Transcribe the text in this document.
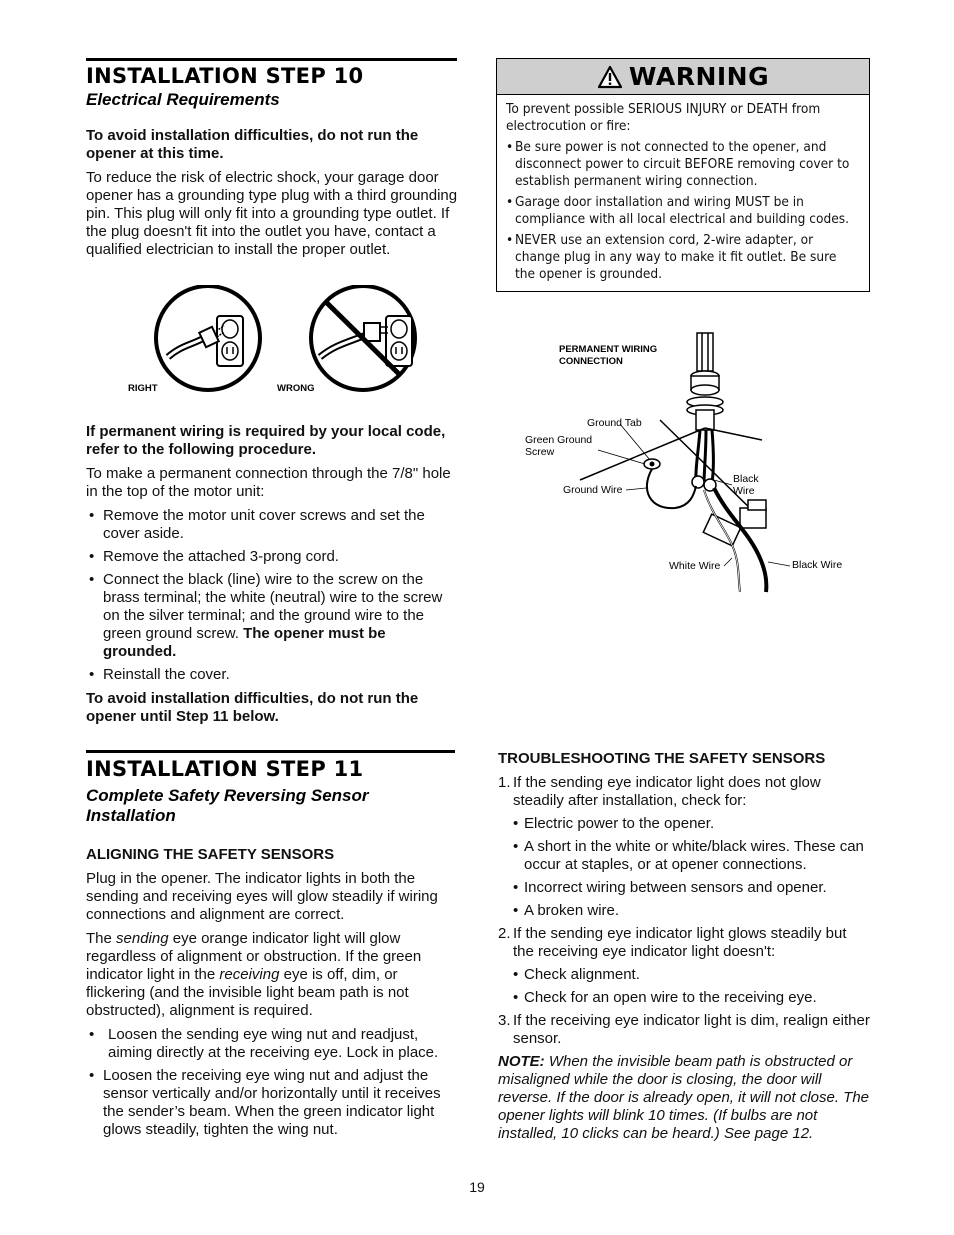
INSTALLATION STEP 10
Electrical Requirements

To avoid installation difficulties, do not run the opener at this time.

To reduce the risk of electric shock, your garage door opener has a grounding type plug with a third grounding pin. This plug will only fit into a grounding type outlet. If the plug doesn't fit into the outlet you have, contact a qualified electrician to install the proper outlet.

RIGHT	WRONG

If permanent wiring is required by your local code, refer to the following procedure.

To make a permanent connection through the 7/8" hole in the top of the motor unit:

• Remove the motor unit cover screws and set the cover aside.
• Remove the attached 3-prong cord.
• Connect the black (line) wire to the screw on the brass terminal; the white (neutral) wire to the screw on the silver terminal; and the ground wire to the green ground screw. The opener must be grounded.
• Reinstall the cover.

To avoid installation difficulties, do not run the opener until Step 11 below.

WARNING

To prevent possible SERIOUS INJURY or DEATH from electrocution or fire:

• Be sure power is not connected to the opener, and disconnect power to circuit BEFORE removing cover to establish permanent wiring connection.
• Garage door installation and wiring MUST be in compliance with all local electrical and building codes.
• NEVER use an extension cord, 2-wire adapter, or change plug in any way to make it fit outlet. Be sure the opener is grounded.
PERMANENT WIRING CONNECTION
Ground Tab
Green Ground Screw
Ground Wire
Black Wire
White Wire	Black Wire
INSTALLATION STEP 11
Complete Safety Reversing Sensor Installation

ALIGNING THE SAFETY SENSORS

Plug in the opener. The indicator lights in both the sending and receiving eyes will glow steadily if wiring connections and alignment are correct.

The sending eye orange indicator light will glow regardless of alignment or obstruction. If the green indicator light in the receiving eye is off, dim, or flickering (and the invisible light beam path is not obstructed), alignment is required.

• Loosen the sending eye wing nut and readjust, aiming directly at the receiving eye. Lock in place.
• Loosen the receiving eye wing nut and adjust the sensor vertically and/or horizontally until it receives the sender’s beam. When the green indicator light glows steadily, tighten the wing nut.

TROUBLESHOOTING THE SAFETY SENSORS

1. If the sending eye indicator light does not glow steadily after installation, check for:
• Electric power to the opener.
• A short in the white or white/black wires. These can occur at staples, or at opener connections.
• Incorrect wiring between sensors and opener.
• A broken wire.
2. If the sending eye indicator light glows steadily but the receiving eye indicator light doesn't:
• Check alignment.
• Check for an open wire to the receiving eye.
3. If the receiving eye indicator light is dim, realign either sensor.

NOTE: When the invisible beam path is obstructed or misaligned while the door is closing, the door will reverse. If the door is already open, it will not close. The opener lights will blink 10 times. (If bulbs are not installed, 10 clicks can be heard.) See page 12.

19
